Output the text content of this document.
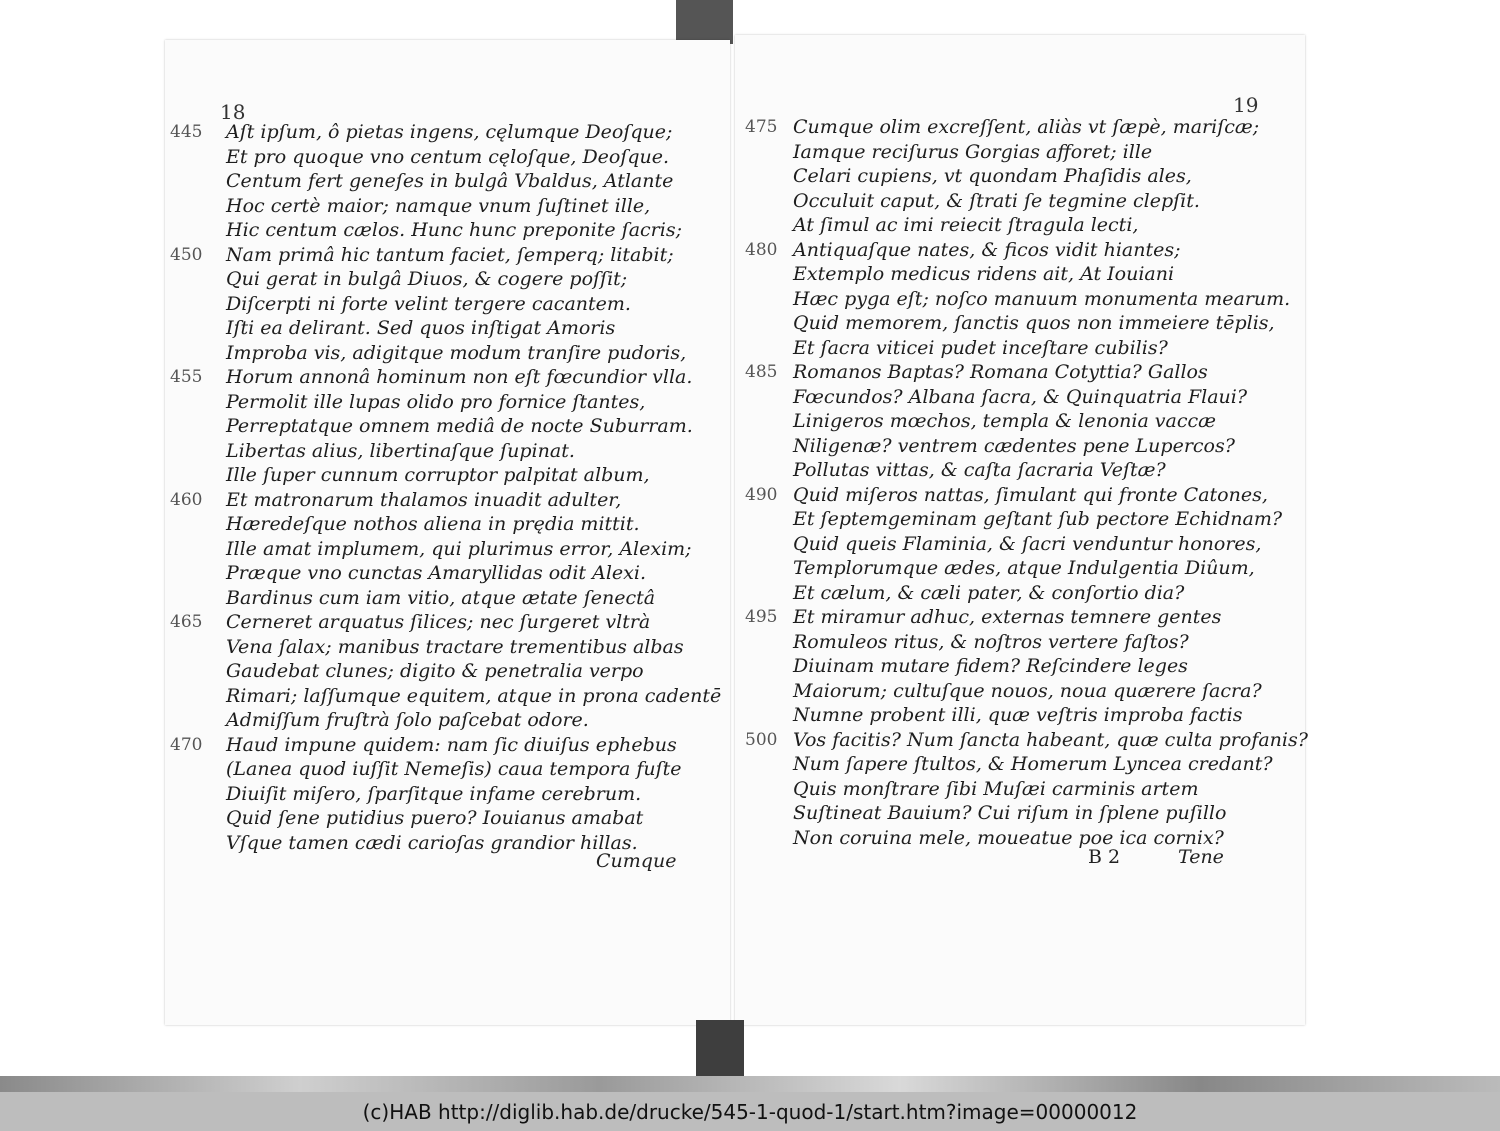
18	19
445	Aſt ipſum, ô pietas ingens, cęlumque Deoſque;
Et pro quoque vno centum cęloſque, Deoſque.
Centum fert geneſes in bulgâ Vbaldus, Atlante
Hoc certè maior; namque vnum ſuſtinet ille,
Hic centum cælos. Hunc hunc preponite ſacris;
450	Nam primâ hic tantum faciet, ſemperq; litabit;
Qui gerat in bulgâ Diuos, & cogere poſſit;
Diſcerpti ni forte velint tergere cacantem.
Iſti ea delirant. Sed quos inſtigat Amoris
Improba vis, adigitque modum tranſire pudoris,
455	Horum annonâ hominum non eſt fœcundior vlla.
Permolit ille lupas olido pro fornice ſtantes,
Perreptatque omnem mediâ de nocte Suburram.
Libertas alius, libertinaſque ſupinat.
Ille ſuper cunnum corruptor palpitat album,
460	Et matronarum thalamos inuadit adulter,
Hæredeſque nothos aliena in prędia mittit.
Ille amat implumem, qui plurimus error, Alexim;
Præque vno cunctas Amaryllidas odit Alexi.
Bardinus cum iam vitio, atque ætate ſenectâ
465	Cerneret arquatus ſilices; nec ſurgeret vltrà
Vena ſalax; manibus tractare trementibus albas
Gaudebat clunes; digito & penetralia verpo
Rimari; laſſumque equitem, atque in prona cadentē
Admiſſum fruſtrà ſolo paſcebat odore.
470	Haud impune quidem: nam ſic diuiſus ephebus
(Lanea quod iuſſit Nemeſis) caua tempora fuſte
Diuiſit miſero, ſparſitque infame cerebrum.
Quid ſene putidius puero? Iouianus amabat
Vſque tamen cædi carioſas grandior hillas.
475 Cumque olim excreſſent, aliàs vt ſæpè, mariſcæ;
Iamque reciſurus Gorgias afforet; ille
Celari cupiens, vt quondam Phaſidis ales,
Occuluit caput, & ſtrati ſe tegmine clepſit.
At ſimul ac imi reiecit ſtragula lecti,
480 Antiquaſque nates, & ficos vidit hiantes;
Extemplo medicus ridens ait, At Iouiani
Hæc pyga eſt; noſco manuum monumenta mearum.
Quid memorem, ſanctis quos non immeiere tēplis,
Et ſacra viticei pudet inceſtare cubilis?
485 Romanos Baptas? Romana Cotyttia? Gallos
Fœcundos? Albana ſacra, & Quinquatria Flaui?
Linigeros mœchos, templa & lenonia vaccæ
Niligenæ? ventrem cædentes pene Lupercos?
Pollutas vittas, & caſta ſacraria Veſtæ?
490 Quid miſeros nattas, ſimulant qui fronte Catones,
Et ſeptemgeminam geſtant ſub pectore Echidnam?
Quid queis Flaminia, & ſacri venduntur honores,
Templorumque ædes, atque Indulgentia Diûum,
Et cælum, & cæli pater, & conſortio dia?
495 Et miramur adhuc, externas temnere gentes
Romuleos ritus, & noſtros vertere faſtos?
Diuinam mutare fidem? Reſcindere leges
Maiorum; cultuſque nouos, noua quærere ſacra?
Numne probent illi, quæ veſtris improba factis
500 Vos facitis? Num ſancta habeant, quæ culta profanis?
Num ſapere ſtultos, & Homerum Lyncea credant?
Quis monſtrare ſibi Muſæi carminis artem
Suſtineat Bauium? Cui riſum in ſplene puſillo
Non coruina mele, moueatue poe ica cornix?
Cumque	B 2	Tene
(c)HAB http://diglib.hab.de/drucke/545-1-quod-1/start.htm?image=00000012
